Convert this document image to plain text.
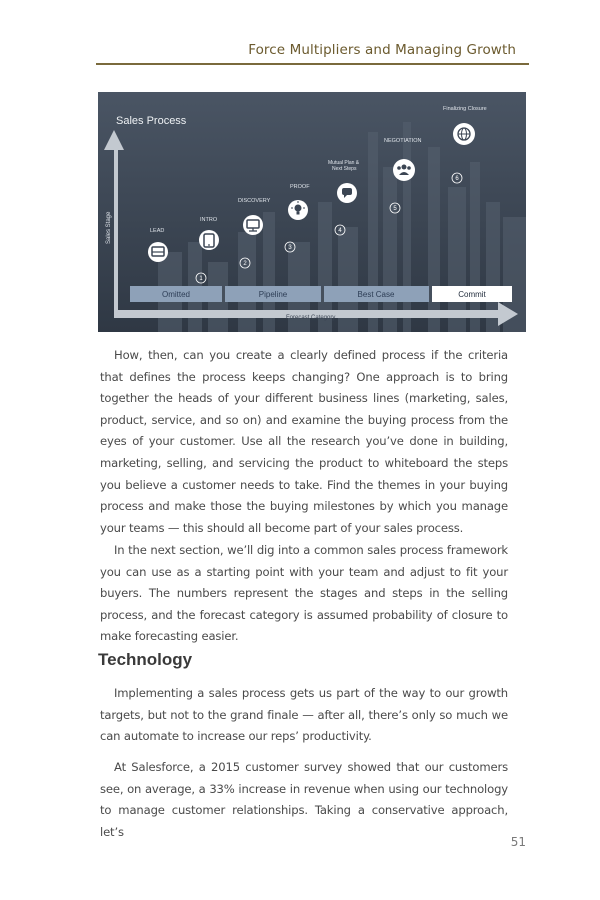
Force Multipliers and Managing Growth
Sales Stage
Forecast Category
Sales Process
LEAD
INTRO
DISCOVERY
PROOF
Mutual Plan & Next Steps
NEGOTIATION
Finalizing Closure
1
2
3
4
5
6
Omitted	Pipeline	Best Case	Commit

How, then, can you create a clearly defined process if the criteria that defines the process keeps changing? One approach is to bring together the heads of your different business lines (marketing, sales, product, service, and so on) and examine the buying process from the eyes of your customer. Use all the research you’ve done in building, marketing, selling, and servicing the product to whiteboard the steps you believe a customer needs to take. Find the themes in your buying process and make those the buying milestones by which you manage your teams — this should all become part of your sales process.

In the next section, we’ll dig into a common sales process framework you can use as a starting point with your team and adjust to fit your buyers. The numbers represent the stages and steps in the selling process, and the forecast category is assumed probability of closure to make forecasting easier.

Technology

Implementing a sales process gets us part of the way to our growth targets, but not to the grand finale — after all, there’s only so much we can automate to increase our reps’ productivity.

At Salesforce, a 2015 customer survey showed that our customers see, on average, a 33% increase in revenue when using our technology to manage customer relationships. Taking a conservative approach, let’s

51
